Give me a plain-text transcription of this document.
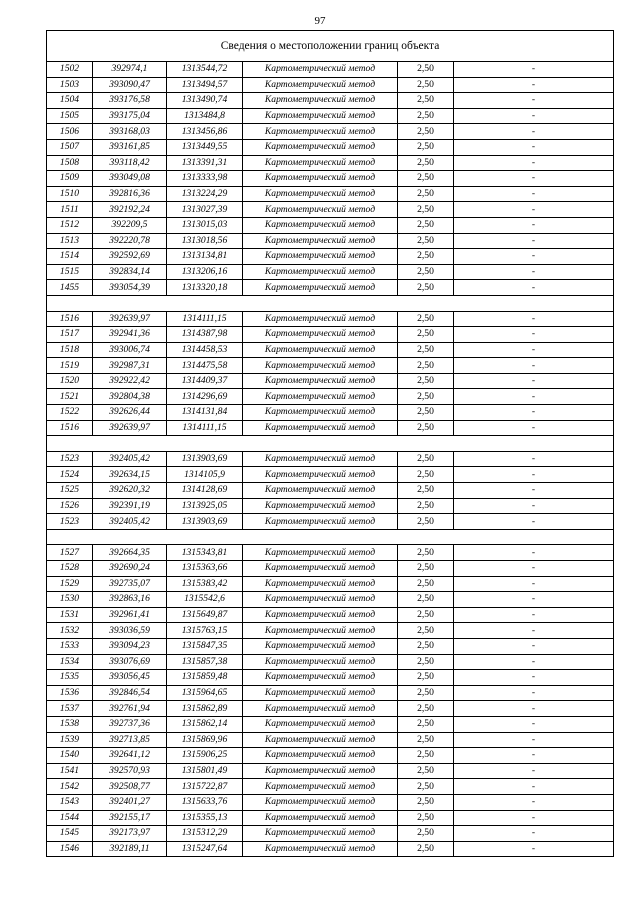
97
Сведения о местоположении границ объекта					
1502	392974,1	1313544,72	Картометрический метод	2,50	-
1503	393090,47	1313494,57	Картометрический метод	2,50	-
1504	393176,58	1313490,74	Картометрический метод	2,50	-
1505	393175,04	1313484,8	Картометрический метод	2,50	-
1506	393168,03	1313456,86	Картометрический метод	2,50	-
1507	393161,85	1313449,55	Картометрический метод	2,50	-
1508	393118,42	1313391,31	Картометрический метод	2,50	-
1509	393049,08	1313333,98	Картометрический метод	2,50	-
1510	392816,36	1313224,29	Картометрический метод	2,50	-
1511	392192,24	1313027,39	Картометрический метод	2,50	-
1512	392209,5	1313015,03	Картометрический метод	2,50	-
1513	392220,78	1313018,56	Картометрический метод	2,50	-
1514	392592,69	1313134,81	Картометрический метод	2,50	-
1515	392834,14	1313206,16	Картометрический метод	2,50	-
1455	393054,39	1313320,18	Картометрический метод	2,50	-

1516	392639,97	1314111,15	Картометрический метод	2,50	-
1517	392941,36	1314387,98	Картометрический метод	2,50	-
1518	393006,74	1314458,53	Картометрический метод	2,50	-
1519	392987,31	1314475,58	Картометрический метод	2,50	-
1520	392922,42	1314409,37	Картометрический метод	2,50	-
1521	392804,38	1314296,69	Картометрический метод	2,50	-
1522	392626,44	1314131,84	Картометрический метод	2,50	-
1516	392639,97	1314111,15	Картометрический метод	2,50	-

1523	392405,42	1313903,69	Картометрический метод	2,50	-
1524	392634,15	1314105,9	Картометрический метод	2,50	-
1525	392620,32	1314128,69	Картометрический метод	2,50	-
1526	392391,19	1313925,05	Картометрический метод	2,50	-
1523	392405,42	1313903,69	Картометрический метод	2,50	-

1527	392664,35	1315343,81	Картометрический метод	2,50	-
1528	392690,24	1315363,66	Картометрический метод	2,50	-
1529	392735,07	1315383,42	Картометрический метод	2,50	-
1530	392863,16	1315542,6	Картометрический метод	2,50	-
1531	392961,41	1315649,87	Картометрический метод	2,50	-
1532	393036,59	1315763,15	Картометрический метод	2,50	-
1533	393094,23	1315847,35	Картометрический метод	2,50	-
1534	393076,69	1315857,38	Картометрический метод	2,50	-
1535	393056,45	1315859,48	Картометрический метод	2,50	-
1536	392846,54	1315964,65	Картометрический метод	2,50	-
1537	392761,94	1315862,89	Картометрический метод	2,50	-
1538	392737,36	1315862,14	Картометрический метод	2,50	-
1539	392713,85	1315869,96	Картометрический метод	2,50	-
1540	392641,12	1315906,25	Картометрический метод	2,50	-
1541	392570,93	1315801,49	Картометрический метод	2,50	-
1542	392508,77	1315722,87	Картометрический метод	2,50	-
1543	392401,27	1315633,76	Картометрический метод	2,50	-
1544	392155,17	1315355,13	Картометрический метод	2,50	-
1545	392173,97	1315312,29	Картометрический метод	2,50	-
1546	392189,11	1315247,64	Картометрический метод	2,50	-
